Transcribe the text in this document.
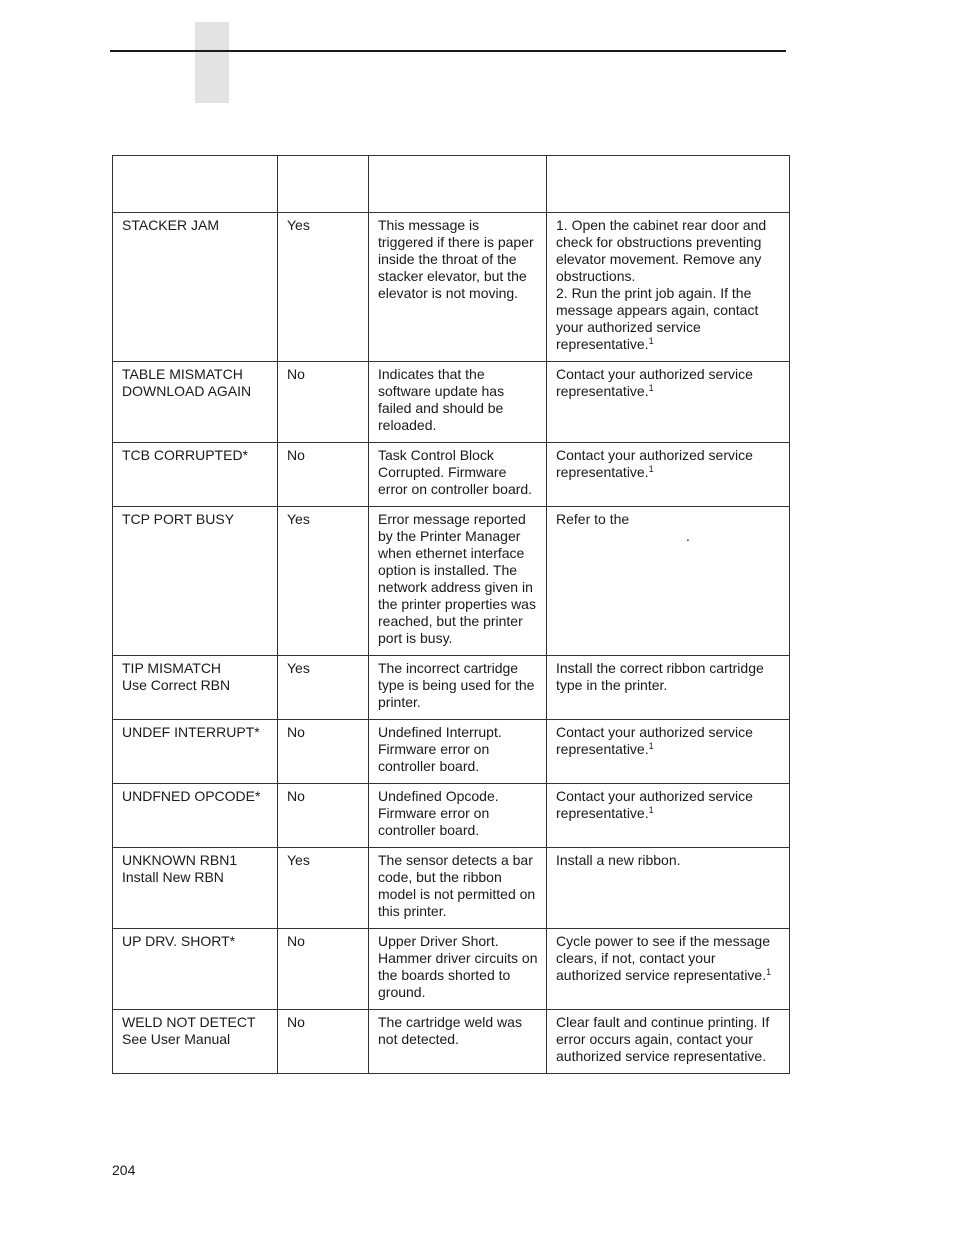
STACKER JAM	Yes	This message is triggered if there is paper inside the throat of the stacker elevator, but the elevator is not moving.	1. Open the cabinet rear door and check for obstructions preventing elevator movement. Remove any obstructions.
2. Run the print job again. If the message appears again, contact your authorized service representative.$^1$

TABLE MISMATCH
DOWNLOAD AGAIN	No	Indicates that the software update has failed and should be reloaded.	Contact your authorized service representative.$^1$

TCB CORRUPTED*	No	Task Control Block Corrupted. Firmware error on controller board.	Contact your authorized service representative.$^1$

TCP PORT BUSY	Yes	Error message reported by the Printer Manager when ethernet interface option is installed. The network address given in the printer properties was reached, but the printer port is busy.	Refer to the
.

TIP MISMATCH
Use Correct RBN	Yes	The incorrect cartridge type is being used for the printer.	Install the correct ribbon cartridge type in the printer.

UNDEF INTERRUPT*	No	Undefined Interrupt. Firmware error on controller board.	Contact your authorized service representative.$^1$

UNDFNED OPCODE*	No	Undefined Opcode. Firmware error on controller board.	Contact your authorized service representative.$^1$

UNKNOWN RBN1
Install New RBN	Yes	The sensor detects a bar code, but the ribbon model is not permitted on this printer.	Install a new ribbon.

UP DRV. SHORT*	No	Upper Driver Short. Hammer driver circuits on the boards shorted to ground.	Cycle power to see if the message clears, if not, contact your authorized service representative.$^1$

WELD NOT DETECT
See User Manual	No	The cartridge weld was not detected.	Clear fault and continue printing. If error occurs again, contact your authorized service representative.
204
